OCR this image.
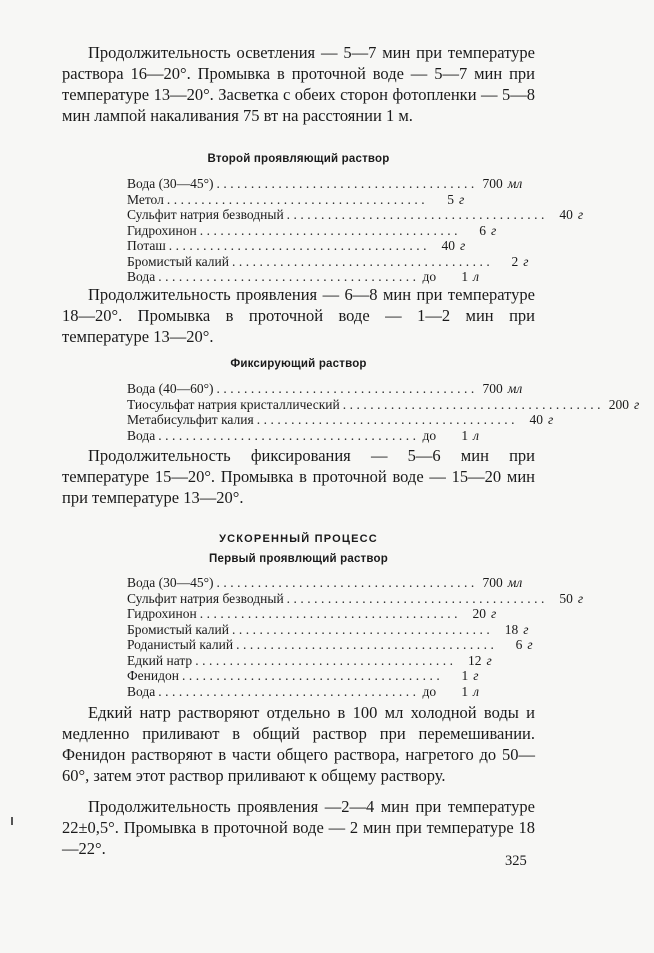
Продолжительность осветления — 5—7 мин при температуре раствора 16—20°. Промывка в проточной воде — 5—7 мин при температуре 13—20°. Засветка с обеих сторон фотопленки — 5—8 мин лампой накаливания 75 вт на расстоянии 1 м.

Второй проявляющий раствор
Вода (30—45°) ...................................... 700 мл
Метол ......................................	5 г
Сульфит натрия безводный ...................................... 40 г
Гидрохинон ......................................	6 г
Поташ ...................................... 40 г
Бромистый калий ......................................	2 г
Вода ...................................... до	1 л

Продолжительность проявления — 6—8 мин при температуре 18—20°. Промывка в проточной воде — 1—2 мин при температуре 13—20°.

Фиксирующий раствор
Вода (40—60°) ...................................... 700 мл
Тиосульфат натрия кристаллический ...................................... 200 г
Метабисульфит калия ...................................... 40 г
Вода ...................................... до	1 л

Продолжительность фиксирования — 5—6 мин при температуре 15—20°. Промывка в проточной воде — 15—20 мин при температуре 13—20°.

УСКОРЕННЫЙ ПРОЦЕСС
Первый проявлющий раствор
Вода (30—45°) ...................................... 700 мл
Сульфит натрия безводный ...................................... 50 г
Гидрохинон ...................................... 20 г
Бромистый калий ...................................... 18 г
Роданистый калий ......................................	6 г
Едкий натр ...................................... 12 г
Фенидон ......................................	1 г
Вода ...................................... до	1 л

Едкий натр растворяют отдельно в 100 мл холодной воды и медленно приливают в общий раствор при перемешивании. Фенидон растворяют в части общего раствора, нагретого до 50—60°, затем этот раствор приливают к общему раствору.

Продолжительность проявления —2—4 мин при температуре 22±0,5°. Промывка в проточной воде — 2 мин при температуре 18—22°.

325
